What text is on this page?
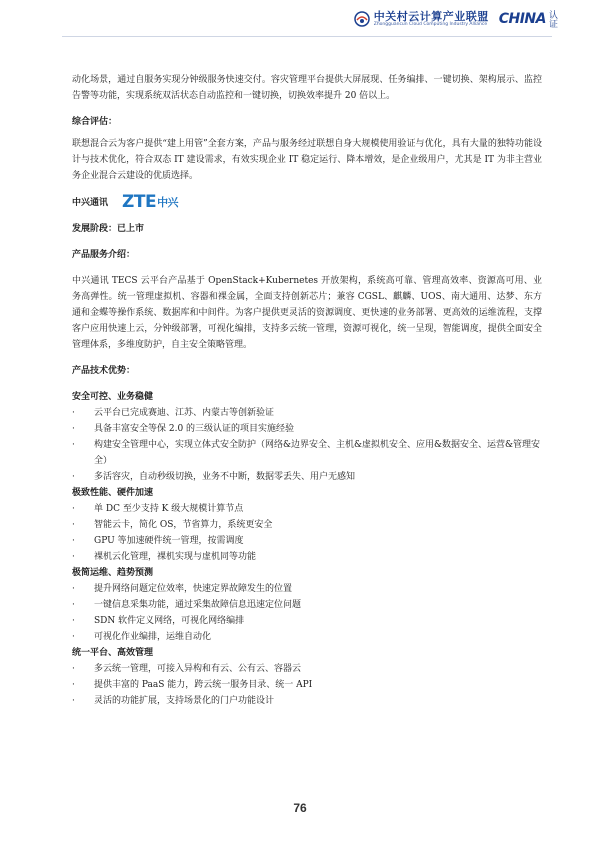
中关村云计算产业联盟
Zhongguancun Cloud Computing Industry Alliance CHINA 认证

动化场景，通过自服务实现分钟级服务快速交付。容灾管理平台提供大屏展现、任务编排、一键切换、架构展示、监控告警等功能，实现系统双活状态自动监控和一键切换，切换效率提升 20 倍以上。

综合评估：

联想混合云为客户提供“建上用管”全套方案，产品与服务经过联想自身大规模使用验证与优化，具有大量的独特功能设计与技术优化，符合双态 IT 建设需求，有效实现企业 IT 稳定运行、降本增效，是企业级用户，尤其是 IT 为非主营业务企业混合云建设的优质选择。

中兴通讯 ZTE 中兴

发展阶段：已上市

产品服务介绍：

中兴通讯 TECS 云平台产品基于 OpenStack+Kubernetes 开放架构，系统高可靠、管理高效率、资源高可用、业务高弹性。统一管理虚拟机、容器和裸金属，全面支持创新芯片；兼容 CGSL、麒麟、UOS、南大通用、达梦、东方通和金蝶等操作系统、数据库和中间件。为客户提供更灵活的资源调度、更快速的业务部署、更高效的运维流程，支撑客户应用快速上云，分钟级部署，可视化编排，支持多云统一管理，资源可视化，统一呈现，智能调度，提供全面安全管理体系，多维度防护，自主安全策略管理。

产品技术优势：

安全可控、业务稳健

·	云平台已完成赛迪、江苏、内蒙古等创新验证
·	具备丰富安全等保 2.0 的三级认证的项目实施经验
·	构建安全管理中心，实现立体式安全防护（网络&边界安全、主机&虚拟机安全、应用&数据安全、运营&管理安全）
·	多活容灾，自动秒级切换，业务不中断，数据零丢失、用户无感知

极致性能、硬件加速

·	单 DC 至少支持 K 级大规模计算节点
·	智能云卡，简化 OS，节省算力，系统更安全
·	GPU 等加速硬件统一管理，按需调度
·	裸机云化管理，裸机实现与虚机同等功能

极简运维、趋势预测

·	提升网络问题定位效率，快速定界故障发生的位置
·	一键信息采集功能，通过采集故障信息迅速定位问题
·	SDN 软件定义网络，可视化网络编排
·	可视化作业编排，运维自动化

统一平台、高效管理

·	多云统一管理，可接入异构和有云、公有云、容器云
·	提供丰富的 PaaS 能力，跨云统一服务目录、统一 API
·	灵活的功能扩展，支持场景化的门户功能设计
76
